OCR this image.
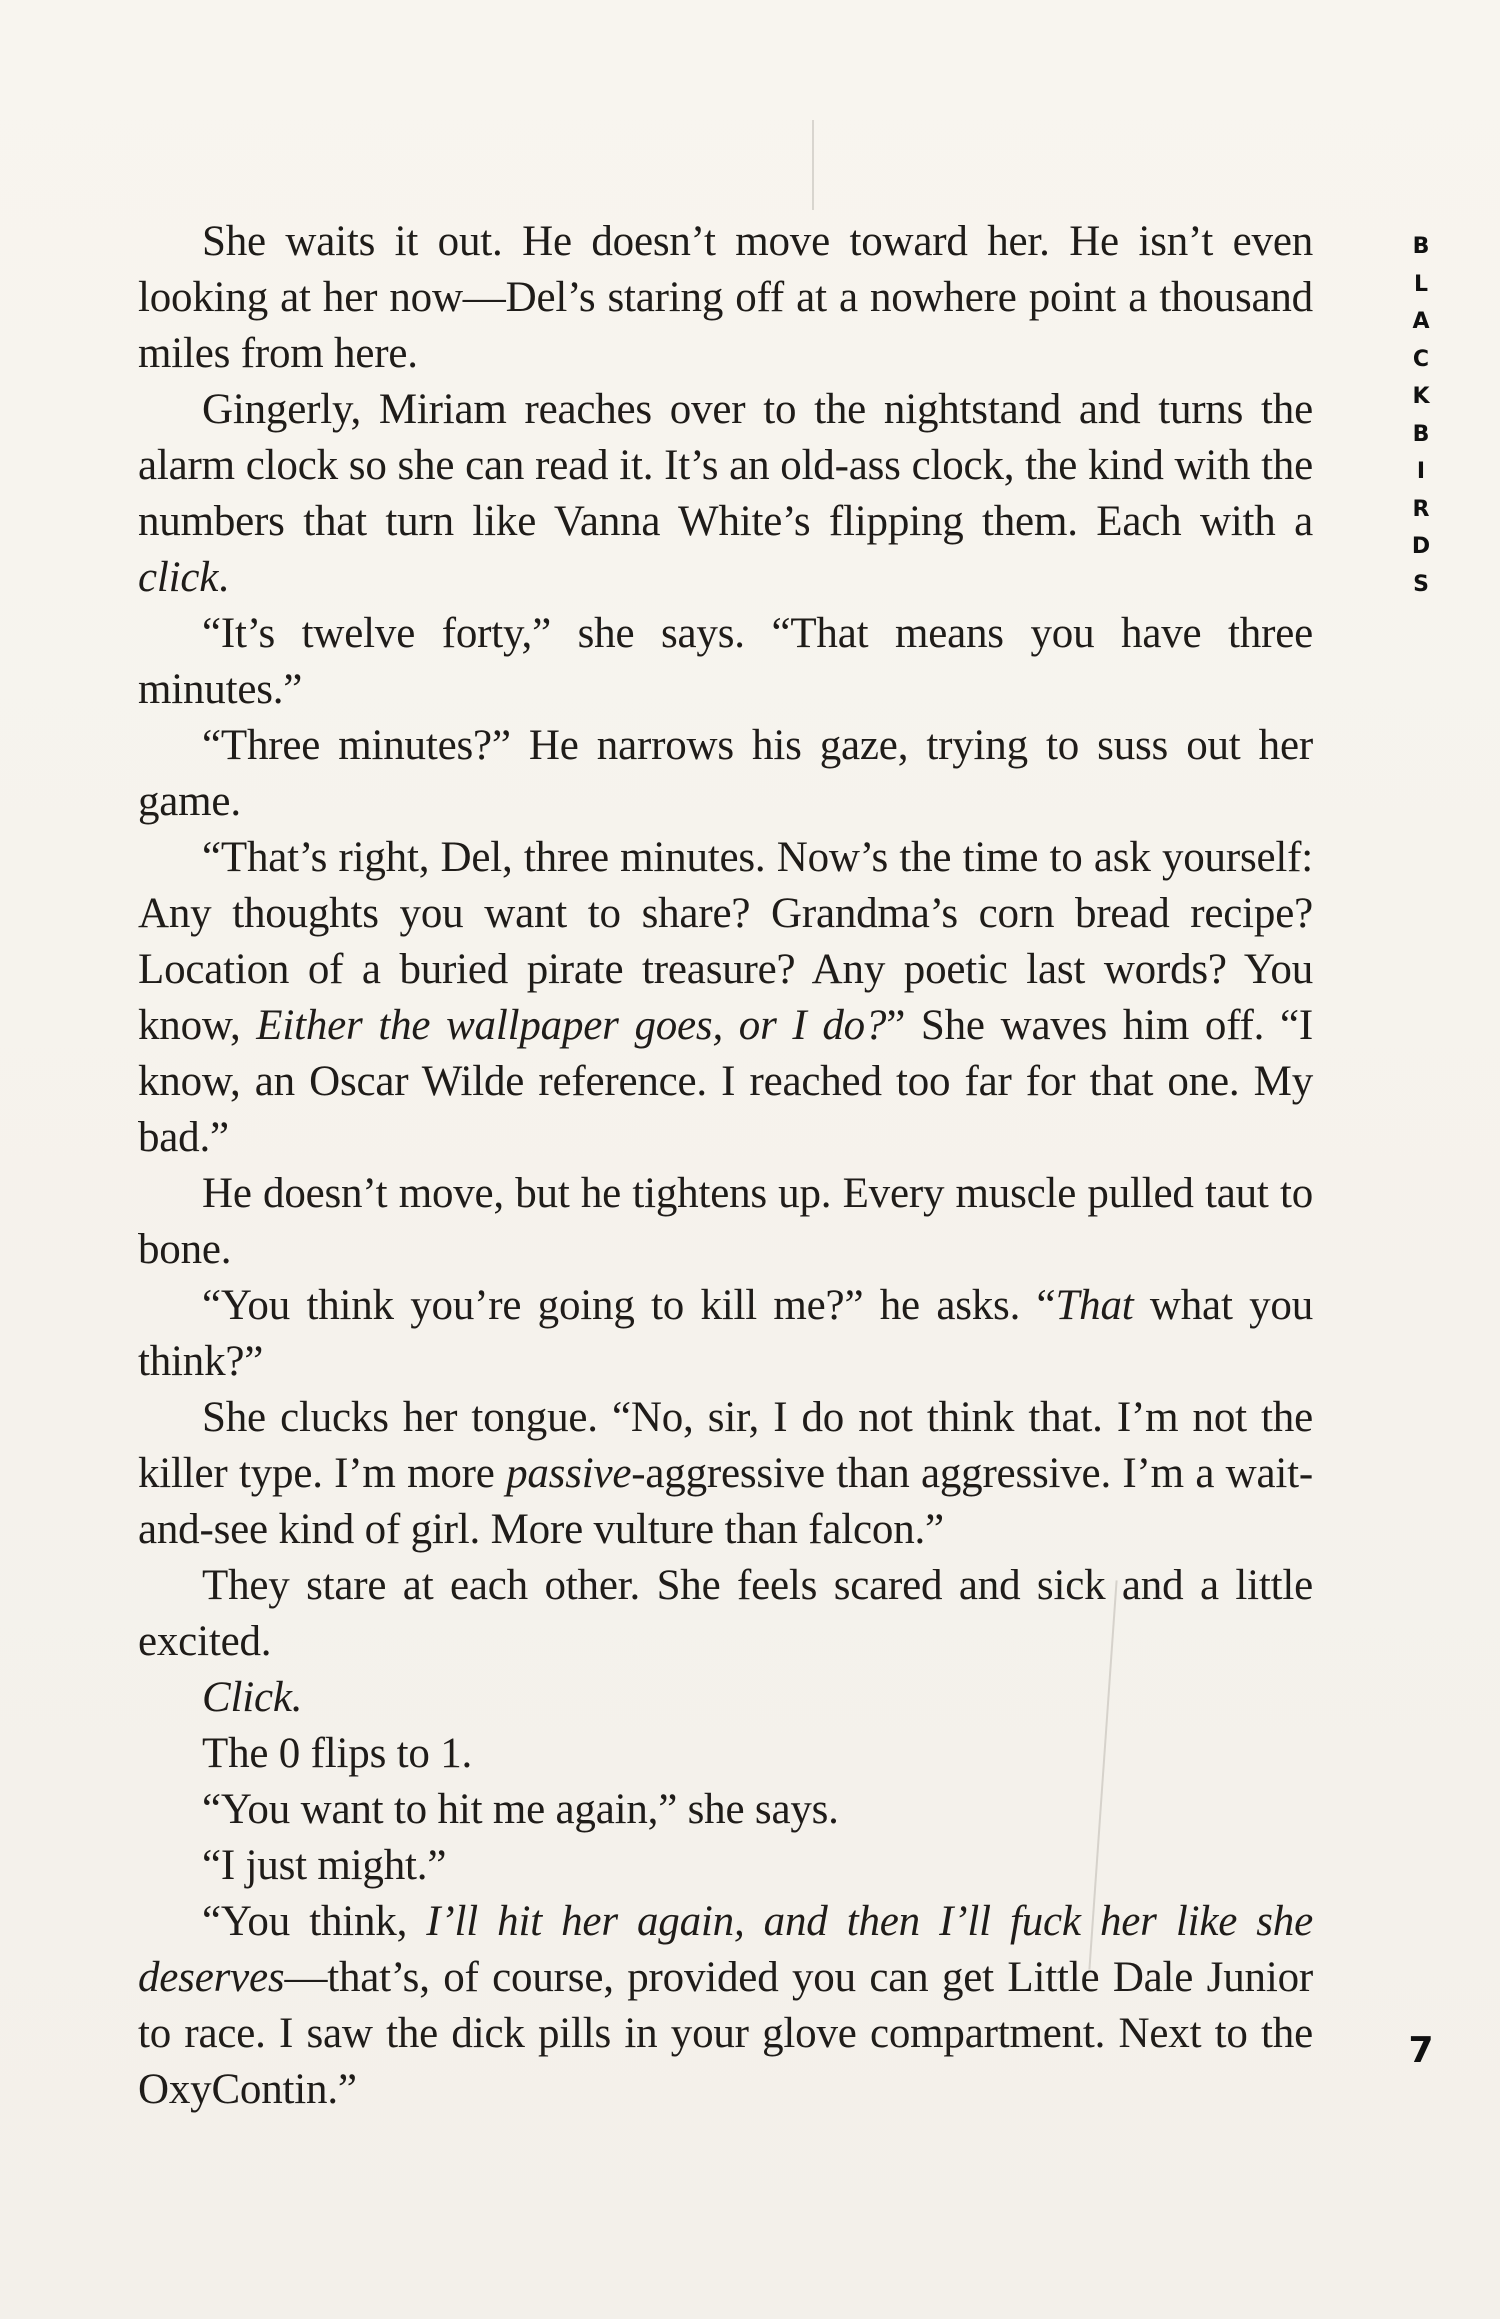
She waits it out. He doesn’t move toward her. He isn’t even looking at her now—Del’s staring off at a nowhere point a thousand miles from here.

Gingerly, Miriam reaches over to the nightstand and turns the alarm clock so she can read it. It’s an old-ass clock, the kind with the numbers that turn like Vanna White’s flipping them. Each with a click.

“It’s twelve forty,” she says. “That means you have three minutes.”

“Three minutes?” He narrows his gaze, trying to suss out her game.

“That’s right, Del, three minutes. Now’s the time to ask yourself: Any thoughts you want to share? Grandma’s corn bread recipe? Location of a buried pirate treasure? Any poetic last words? You know, Either the wallpaper goes, or I do?” She waves him off. “I know, an Oscar Wilde reference. I reached too far for that one. My bad.”

He doesn’t move, but he tightens up. Every muscle pulled taut to bone.

“You think you’re going to kill me?” he asks. “That what you think?”

She clucks her tongue. “No, sir, I do not think that. I’m not the killer type. I’m more passive-aggressive than aggressive. I’m a wait-and-see kind of girl. More vulture than falcon.”

They stare at each other. She feels scared and sick and a little excited.

Click.

The 0 flips to 1.

“You want to hit me again,” she says.

“I just might.”

“You think, I’ll hit her again, and then I’ll fuck her like she deserves—that’s, of course, provided you can get Little Dale Junior to race. I saw the dick pills in your glove compartment. Next to the OxyContin.”

B
L
A
C
K
B
I
R
D
S
7
